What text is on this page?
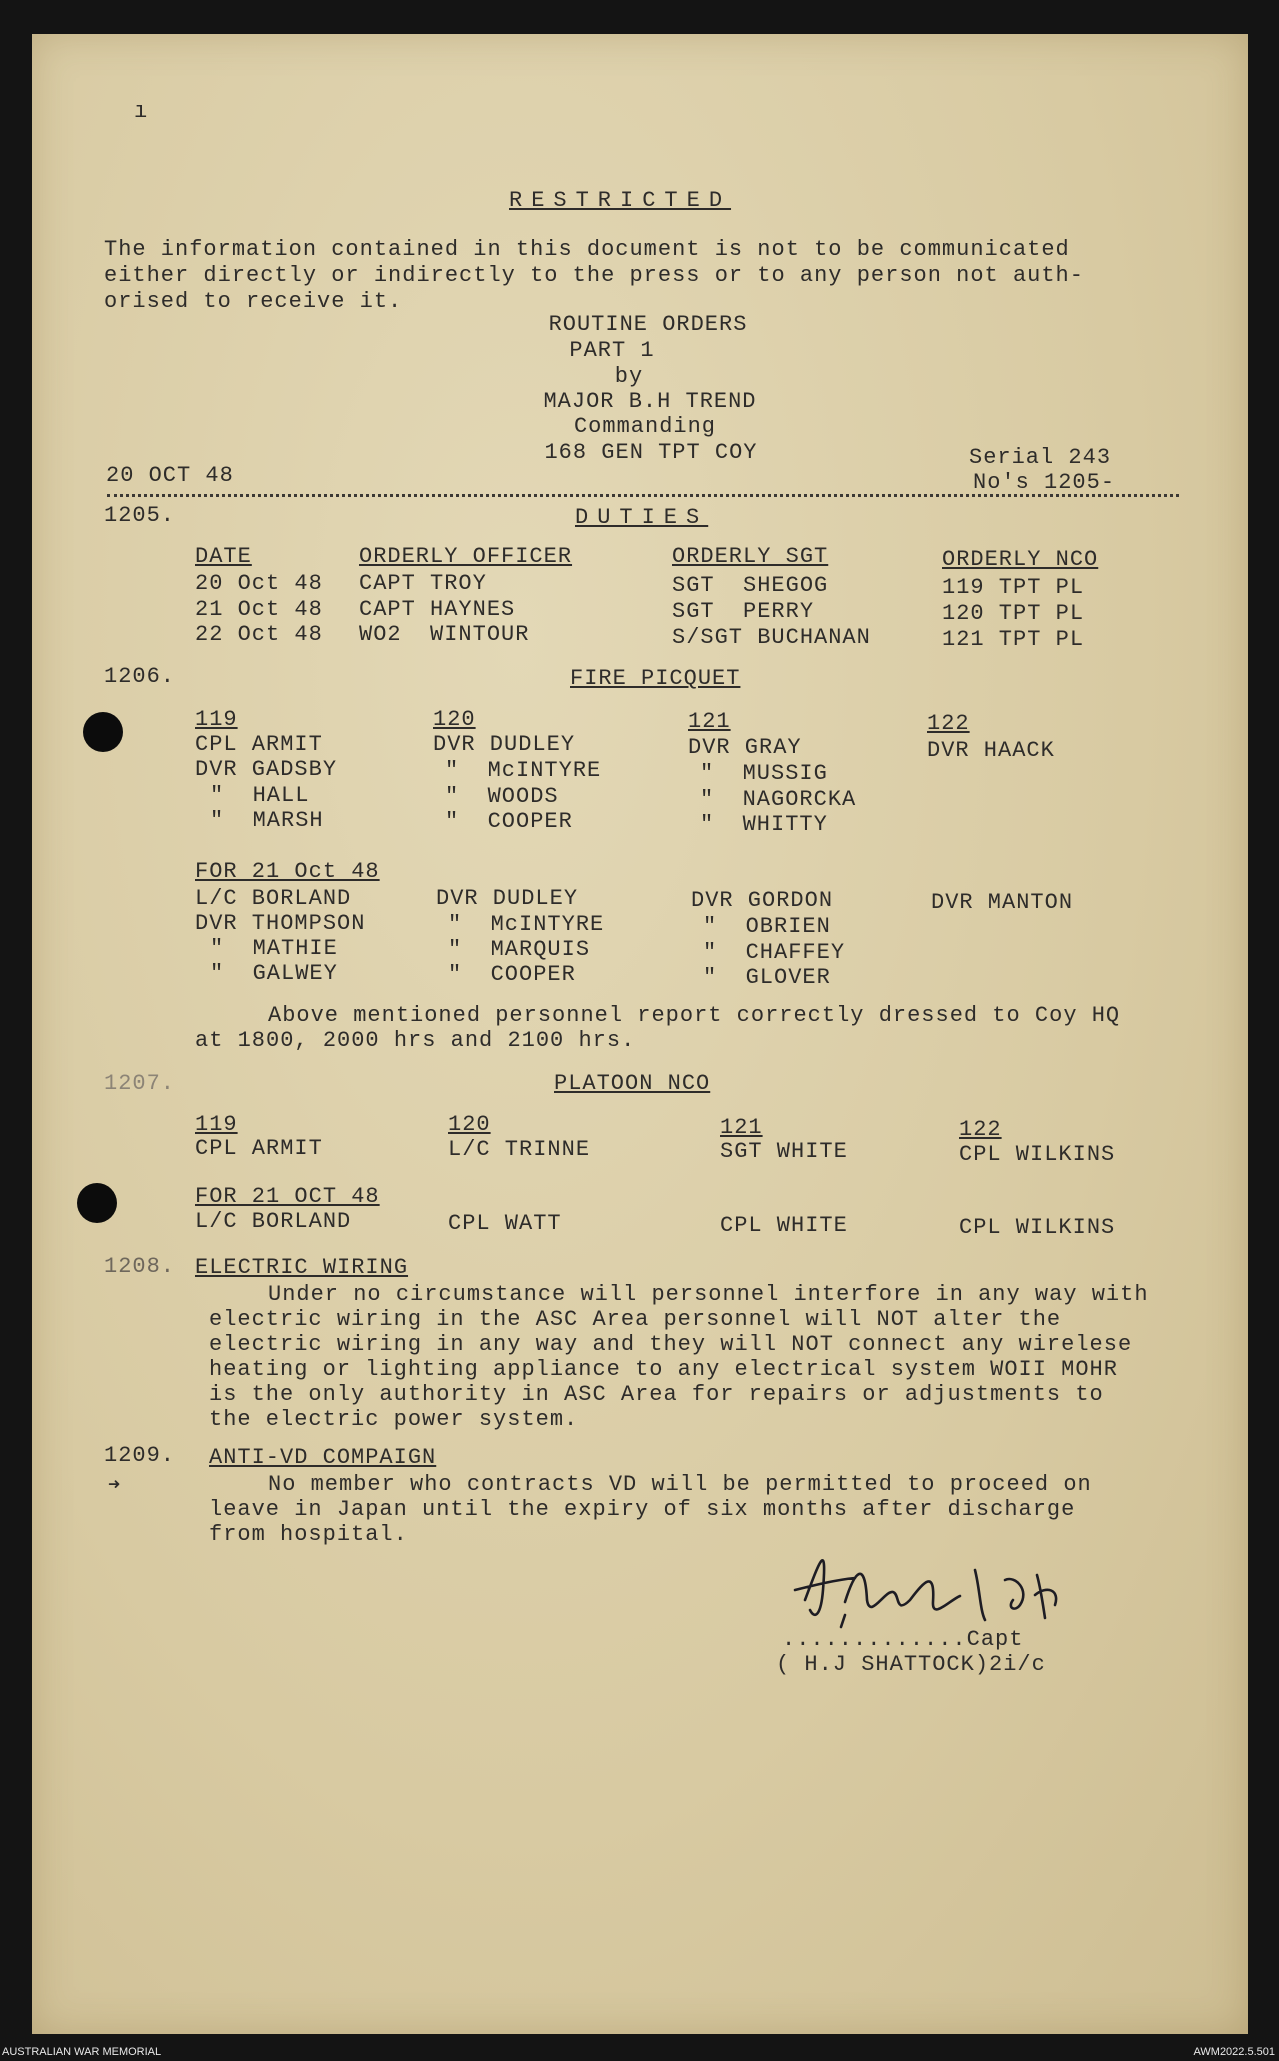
ı
RESTRICTED
The information contained in this document is not to be communicated
either directly or indirectly to the press or to any person not auth-
orised to receive it.
ROUTINE ORDERS
PART 1
by
MAJOR B.H TREND
Commanding
168 GEN TPT COY
20 OCT 48
Serial 243
No's 1205-
1205.	DUTIES
DATE	ORDERLY OFFICER	ORDERLY SGT	ORDERLY NCO
20 Oct 48 CAPT TROY	SGT  SHEGOG	119 TPT PL
21 Oct 48 CAPT HAYNES	SGT  PERRY	120 TPT PL
22 Oct 48 WO2  WINTOUR	S/SGT BUCHANAN	121 TPT PL
1206.	FIRE PICQUET
119	120	121	122
CPL ARMIT	DVR DUDLEY	DVR GRAY	DVR HAACK
DVR GADSBY	"  McINTYRE	"  MUSSIG
"  HALL	"  WOODS	"  NAGORCKA
"  MARSH	"  COOPER	"  WHITTY
FOR 21 Oct 48
L/C BORLAND	DVR DUDLEY	DVR GORDON	DVR MANTON
DVR THOMPSON	"  McINTYRE	"  OBRIEN
"  MATHIE	"  MARQUIS	"  CHAFFEY
"  GALWEY	"  COOPER	"  GLOVER
Above mentioned personnel report correctly dressed to Coy HQ
at 1800, 2000 hrs and 2100 hrs.
1207.	PLATOON NCO
119	120	121	122
CPL ARMIT	L/C TRINNE	SGT WHITE	CPL WILKINS
FOR 21 OCT 48
L/C BORLAND	CPL WATT	CPL WHITE	CPL WILKINS
1208. ELECTRIC WIRING
Under no circumstance will personnel interfore in any way with
electric wiring in the ASC Area personnel will NOT alter the
electric wiring in any way and they will NOT connect any wirelese
heating or lighting appliance to any electrical system WOII MOHR
is the only authority in ASC Area for repairs or adjustments to
the electric power system.
1209.
➜
ANTI-VD COMPAIGN
No member who contracts VD will be permitted to proceed on
leave in Japan until the expiry of six months after discharge
from hospital.
.............Capt
( H.J SHATTOCK)2i/c
AUSTRALIAN WAR MEMORIAL	AWM2022.5.501
